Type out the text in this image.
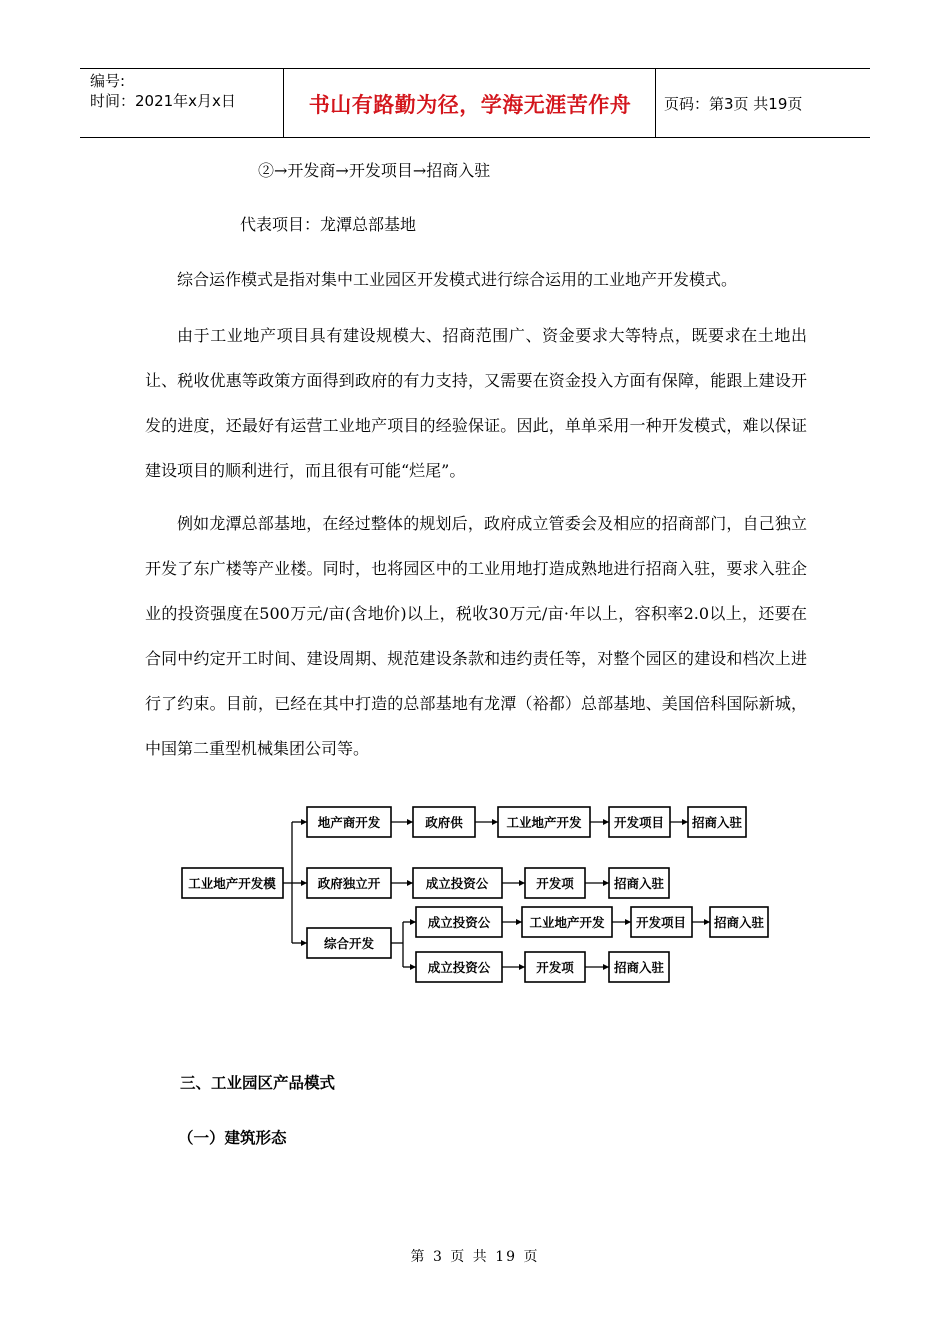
编号:
时间：2021年x月x日	书山有路勤为径，学海无涯苦作舟	页码：第3页 共19页
②→开发商→开发项目→招商入驻
代表项目：龙潭总部基地

综合运作模式是指对集中工业园区开发模式进行综合运用的工业地产开发模式。

由于工业地产项目具有建设规模大、招商范围广、资金要求大等特点，既要求在土地出让、税收优惠等政策方面得到政府的有力支持，又需要在资金投入方面有保障，能跟上建设开发的进度，还最好有运营工业地产项目的经验保证。因此，单单采用一种开发模式，难以保证建设项目的顺利进行，而且很有可能“烂尾”。

例如龙潭总部基地，在经过整体的规划后，政府成立管委会及相应的招商部门，自己独立开发了东广楼等产业楼。同时，也将园区中的工业用地打造成熟地进行招商入驻，要求入驻企业的投资强度在500万元/亩(含地价)以上，税收30万元/亩·年以上，容积率2.0以上，还要在合同中约定开工时间、建设周期、规范建设条款和违约责任等，对整个园区的建设和档次上进行了约束。目前，已经在其中打造的总部基地有龙潭（裕都）总部基地、美国倍科国际新城，中国第二重型机械集团公司等。

工业地产开发模
地产商开发	政府供	工业地产开发	开发项目 招商入驻
政府独立开	成立投资公	开发项	招商入驻
综合开发
成立投资公	工业地产开发	开发项目 招商入驻
成立投资公	开发项	招商入驻
三、工业园区产品模式
（一）建筑形态
第 3 页 共 19 页
